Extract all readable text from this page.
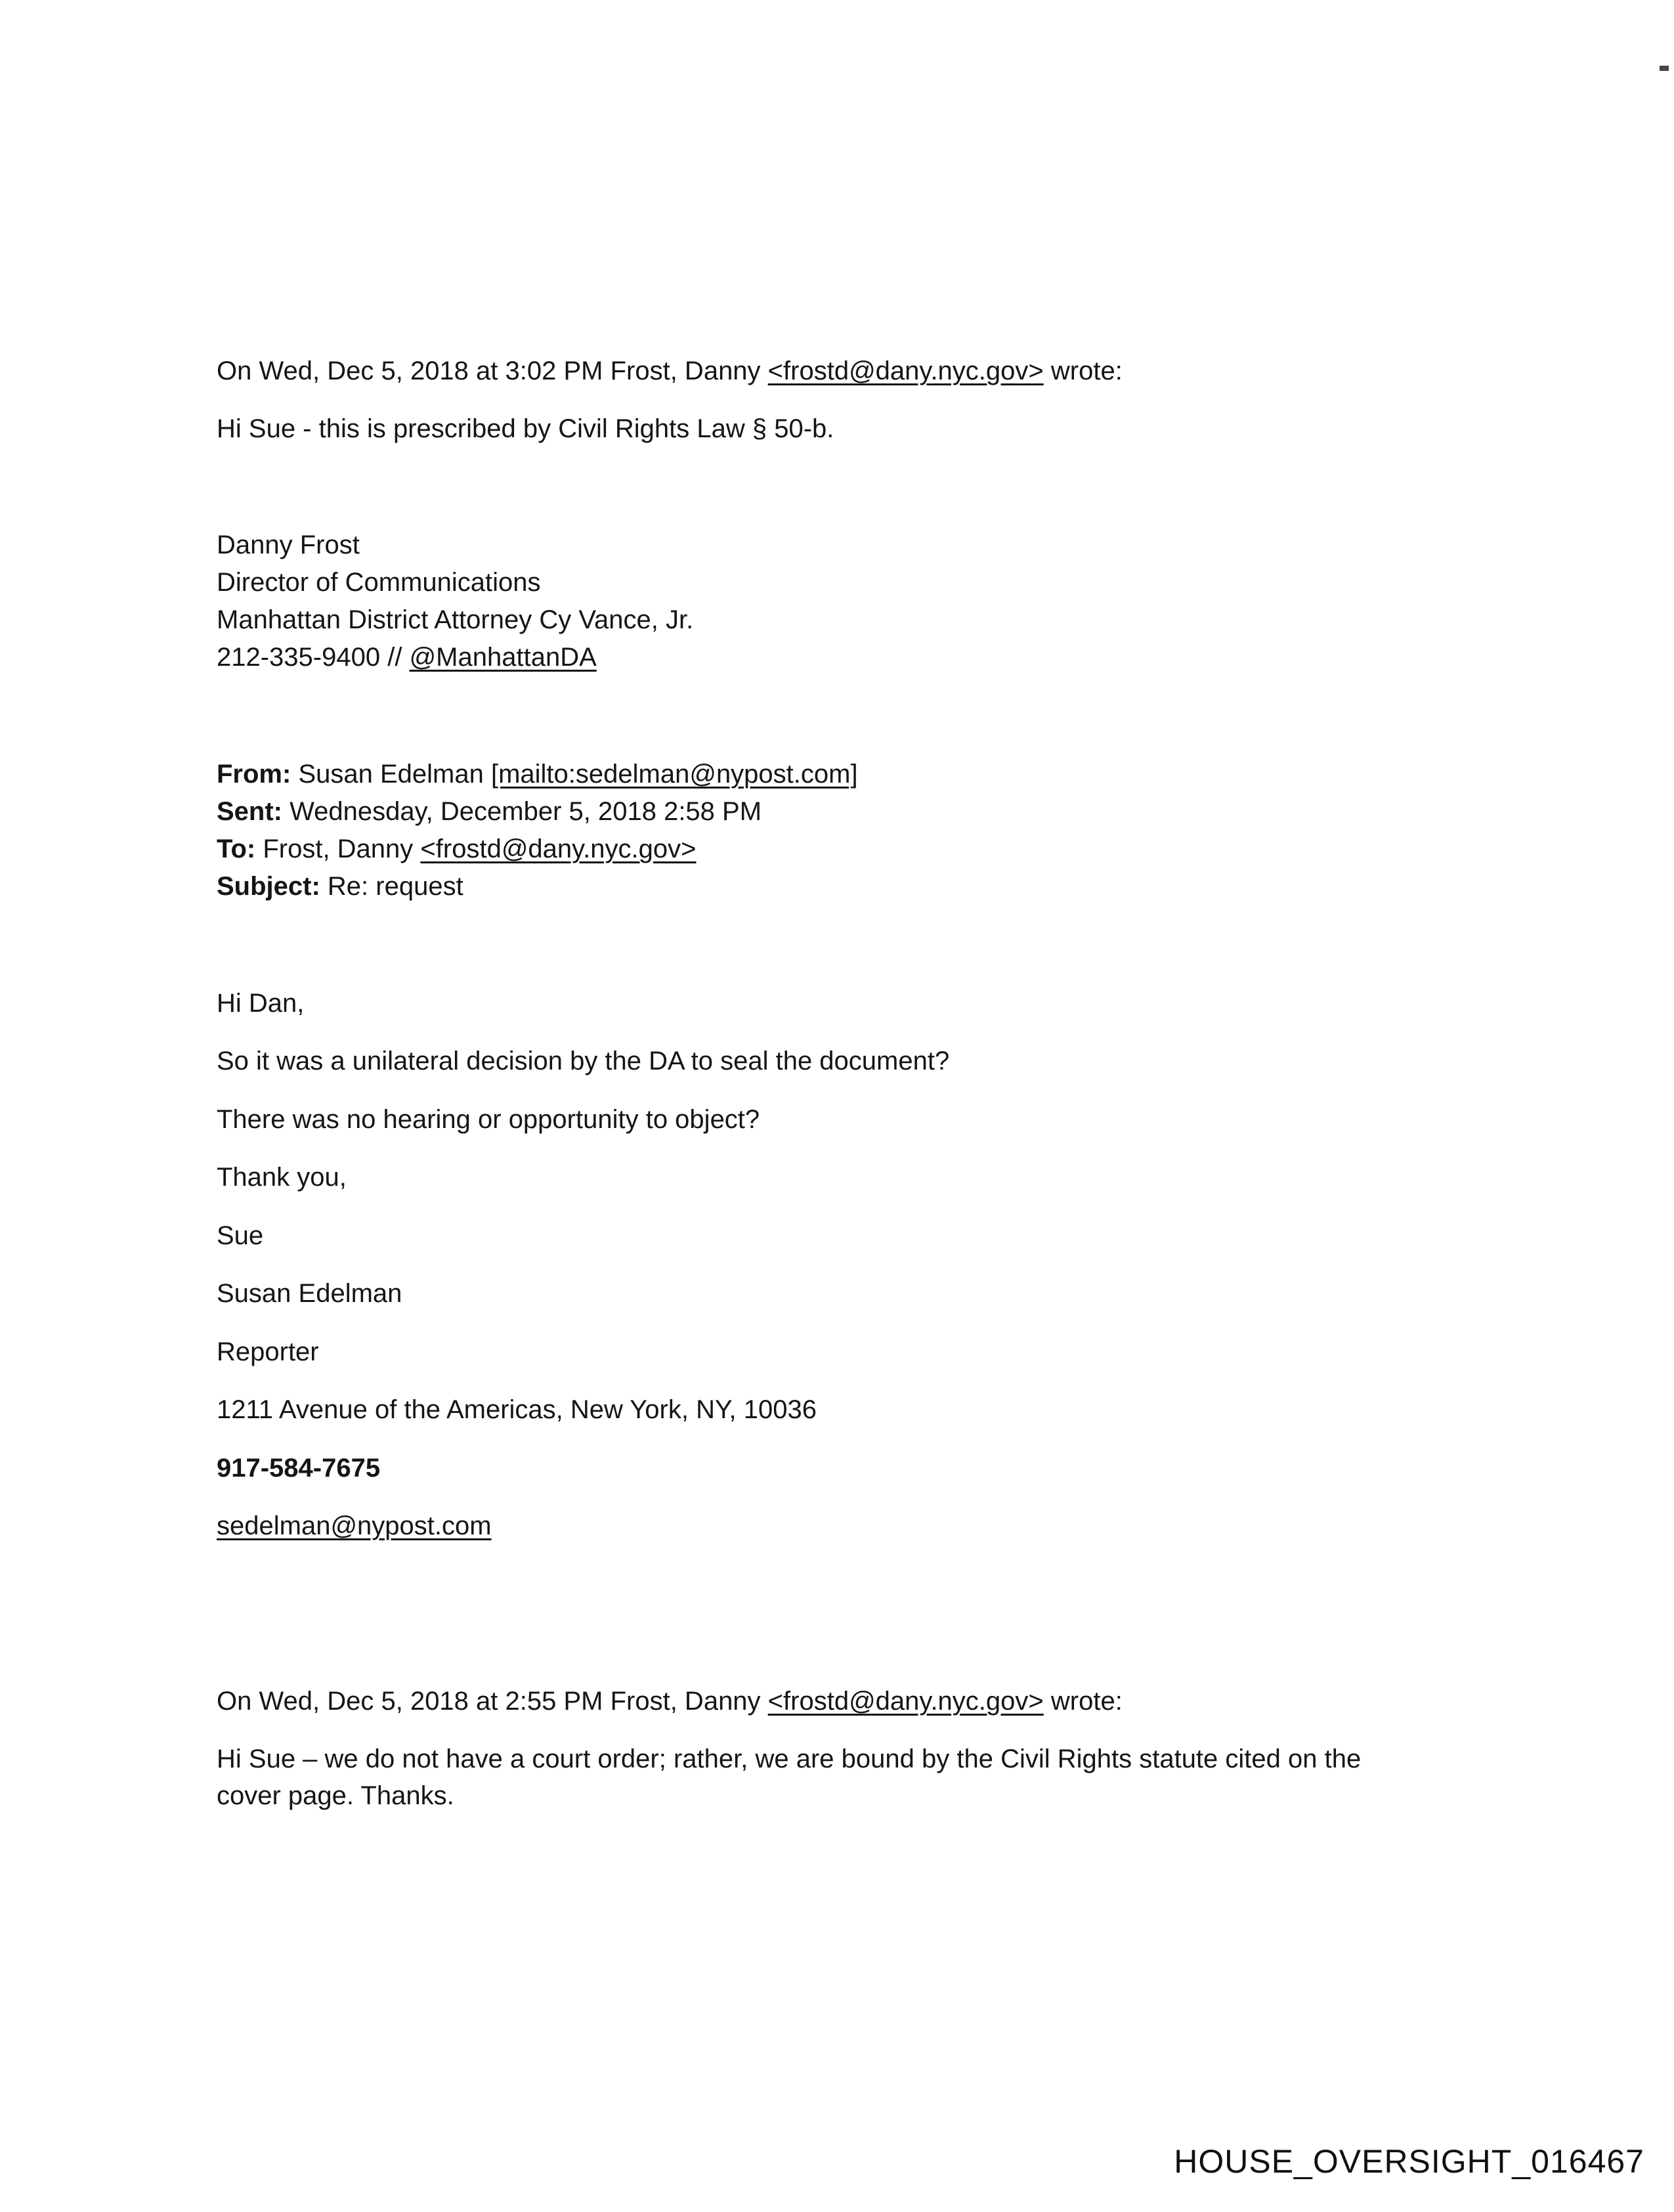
On Wed, Dec 5, 2018 at 3:02 PM Frost, Danny <frostd@dany.nyc.gov> wrote:
Hi Sue - this is prescribed by Civil Rights Law § 50-b.
Danny Frost
Director of Communications
Manhattan District Attorney Cy Vance, Jr.
212-335-9400 // @ManhattanDA
From: Susan Edelman [mailto:sedelman@nypost.com]
Sent: Wednesday, December 5, 2018 2:58 PM
To: Frost, Danny <frostd@dany.nyc.gov>
Subject: Re: request
Hi Dan,
So it was a unilateral decision by the DA to seal the document?
There was no hearing or opportunity to object?
Thank you,
Sue
Susan Edelman
Reporter
1211 Avenue of the Americas, New York, NY, 10036
917-584-7675
sedelman@nypost.com
On Wed, Dec 5, 2018 at 2:55 PM Frost, Danny <frostd@dany.nyc.gov> wrote:
Hi Sue – we do not have a court order; rather, we are bound by the Civil Rights statute cited on the cover page. Thanks.
HOUSE_OVERSIGHT_016467
